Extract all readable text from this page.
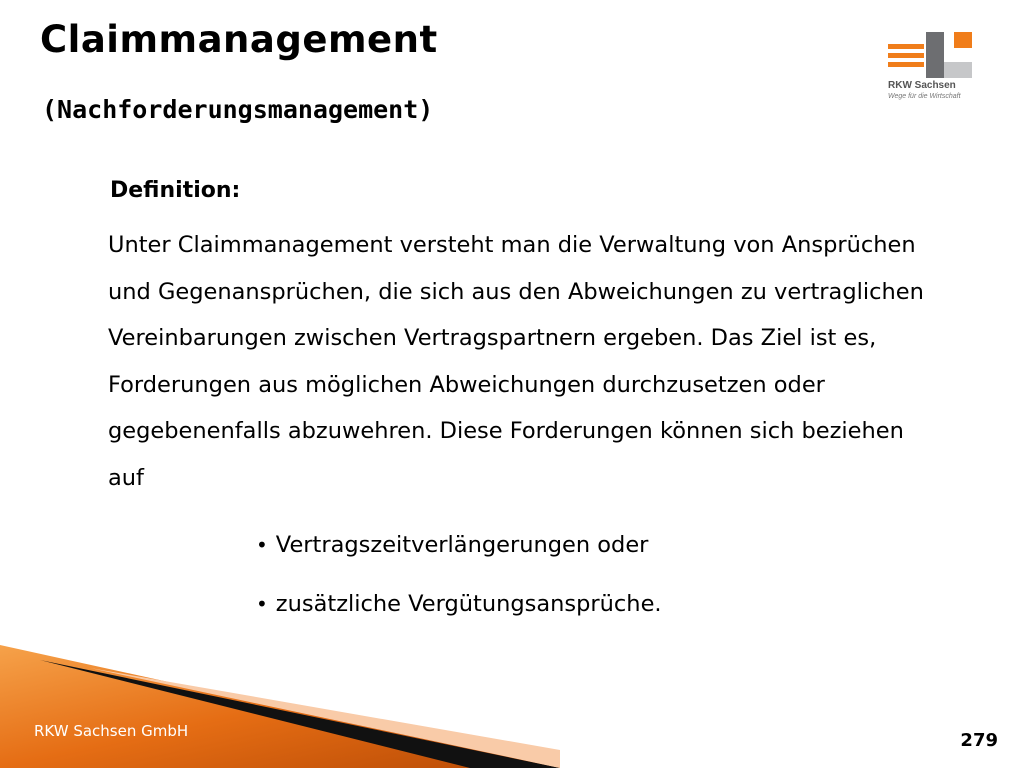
Claimmanagement
(Nachforderungsmanagement)
RKW Sachsen
Wege für die Wirtschaft
Definition:

Unter Claimmanagement versteht man die Verwaltung von Ansprüchen und Gegenansprüchen, die sich aus den Abweichungen zu vertraglichen Vereinbarungen zwischen Vertragspartnern ergeben. Das Ziel ist es, Forderungen aus möglichen Abweichungen durchzusetzen oder gegebenenfalls abzuwehren. Diese Forderungen können sich beziehen auf

• Vertragszeitverlängerungen oder
• zusätzliche Vergütungsansprüche.
RKW Sachsen GmbH	279
